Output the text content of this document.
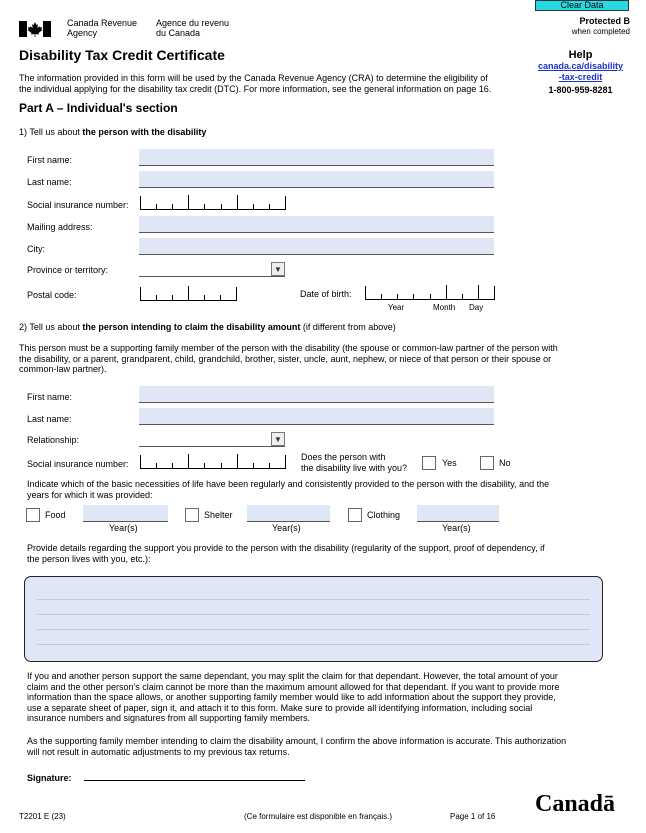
Clear Data
Canada Revenue
Agency
Agence du revenu
du Canada
Protected B
when completed
Disability Tax Credit Certificate	Help
canada.ca/disability
-tax-credit
1-800-959-8281
The information provided in this form will be used by the Canada Revenue Agency (CRA) to determine the eligibility of
the individual applying for the disability tax credit (DTC). For more information, see the general information on page 16.
Part A – Individual's section
1) Tell us about the person with the disability
First name:
Last name:
Social insurance number:
Mailing address:
City:
Province or territory:	▼
Postal code:	Date of birth:
Year	Month Day
2) Tell us about the person intending to claim the disability amount (if different from above)
This person must be a supporting family member of the person with the disability (the spouse or common-law partner of the person with
the disability, or a parent, grandparent, child, grandchild, brother, sister, uncle, aunt, nephew, or niece of that person or their spouse or
common-law partner).
First name:
Last name:
Relationship:	▼
Social insurance number:
Does the person with
the disability live with you?	Yes	No
Indicate which of the basic necessities of life have been regularly and consistently provided to the person with the disability, and the
years for which it was provided:
Food
Year(s)
Shelter
Year(s)
Clothing
Year(s)
Provide details regarding the support you provide to the person with the disability (regularity of the support, proof of dependency, if
the person lives with you, etc.):
If you and another person support the same dependant, you may split the claim for that dependant. However, the total amount of your
claim and the other person's claim cannot be more than the maximum amount allowed for that dependant. If you want to provide more
information than the space allows, or another supporting family member would like to add information about the support they provide,
use a separate sheet of paper, sign it, and attach it to this form. Make sure to provide all identifying information, including social
insurance numbers and signatures from all supporting family members.
As the supporting family member intending to claim the disability amount, I confirm the above information is accurate. This authorization
will not result in automatic adjustments to my previous tax returns.
Signature:
T2201 E (23)	(Ce formulaire est disponible en français.)	Page 1 of 16 Canadā
